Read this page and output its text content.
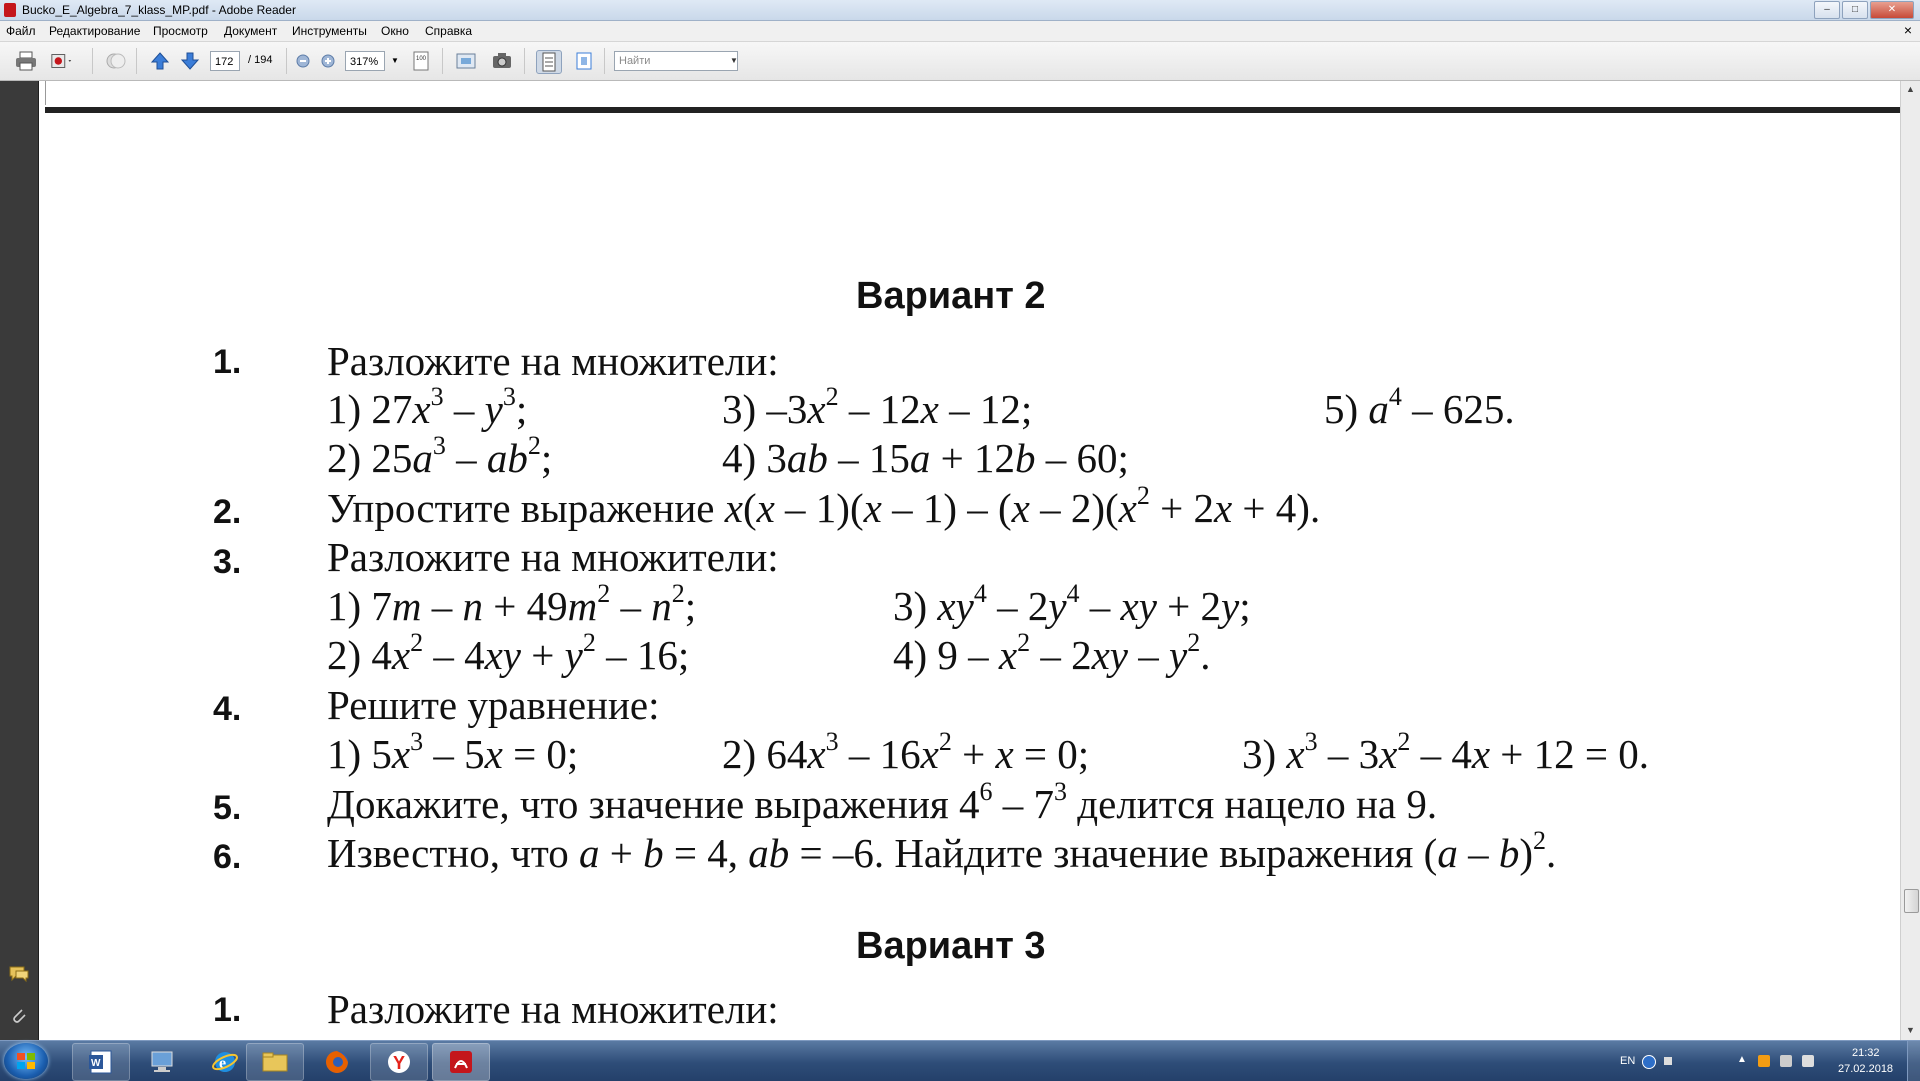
Bucko_E_Algebra_7_klass_MP.pdf - Adobe Reader	–	□	✕
Файл Редактирование Просмотр Документ Инструменты Окно Справка	×
172	/ 194	317%	▼	100	Найти	▼
Вариант 2
1. Разложите на множители:
1) $27x^3 - y^3$;	3) $-3x^2 - 12x - 12$;	5) $a^4 - 625$.
2) $25a^3 - ab^2$;	4) 3ab – 15a + 12b – 60;
2. Упростите выражение $x(x - 1)(x - 1) - (x - 2)(x^2 + 2x + 4)$.
3. Разложите на множители:
1) $7m - n + 49m^2 - n^2$;	3) $xy^4 - 2y^4$ – xy + 2y;
2) $4x^2 - 4xy + y^2 - 16$;	4) $9 - x^2 - 2xy - y^2$.
4. Решите уравнение:
1) $5x^3 - 5x = 0$;	2) $64x^3 - 16x^2 + x = 0$;	3) $x^3 - 3x^2 - 4x + 12 = 0$.
5. Докажите, что значение выражения $4^6 - 7^3$ делится нацело на 9.
6. Известно, что a + b = 4, ab = –6. Найдите значение выражения (a – b)$^2$.
Вариант 3
1. Разложите на множители:
▲
▼
W	e	Y	EN	▲
21:32
27.02.2018
